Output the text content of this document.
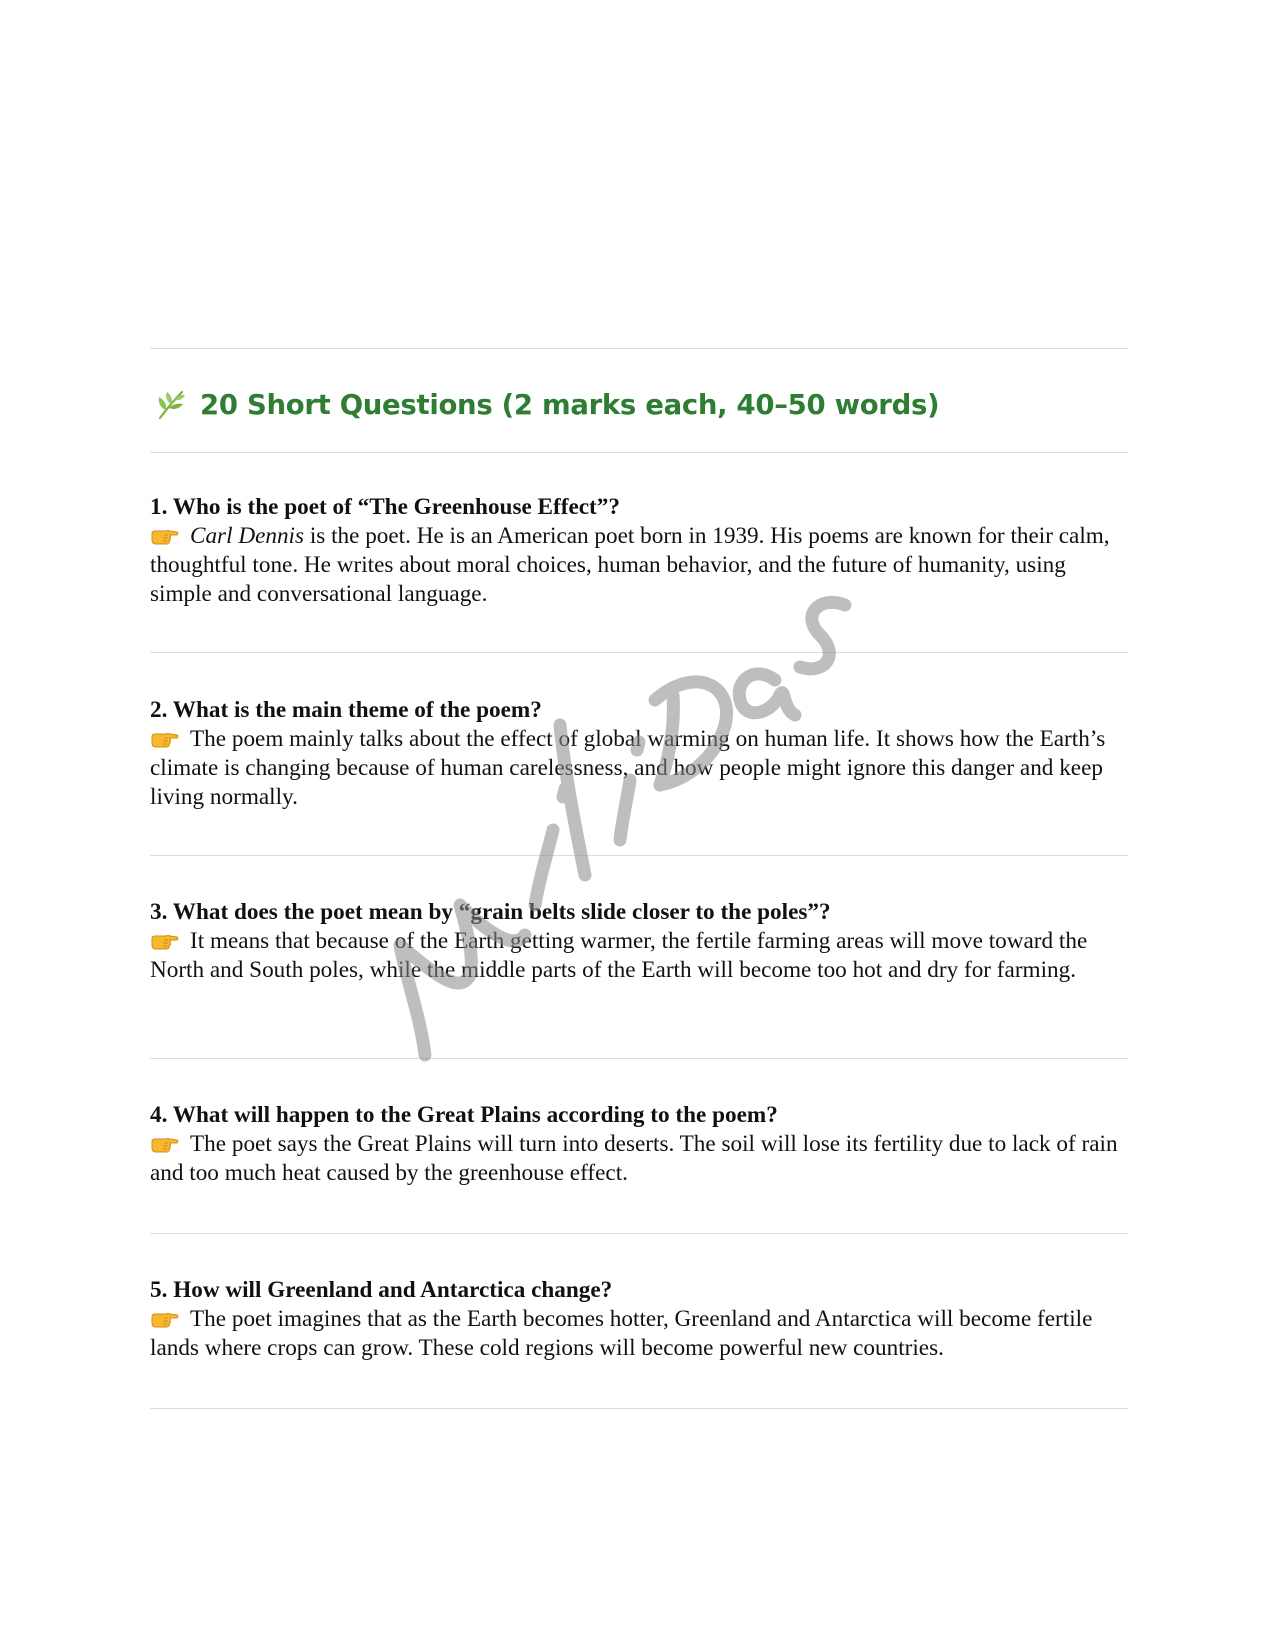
20 Short Questions (2 marks each, 40–50 words)
1. Who is the poet of “The Greenhouse Effect”?

Carl Dennis is the poet. He is an American poet born in 1939. His poems are known for their calm, thoughtful tone. He writes about moral choices, human behavior, and the future of humanity, using simple and conversational language.

2. What is the main theme of the poem?

The poem mainly talks about the effect of global warming on human life. It shows how the Earth’s climate is changing because of human carelessness, and how people might ignore this danger and keep living normally.

3. What does the poet mean by “grain belts slide closer to the poles”?

It means that because of the Earth getting warmer, the fertile farming areas will move toward the North and South poles, while the middle parts of the Earth will become too hot and dry for farming.

4. What will happen to the Great Plains according to the poem?

The poet says the Great Plains will turn into deserts. The soil will lose its fertility due to lack of rain and too much heat caused by the greenhouse effect.

5. How will Greenland and Antarctica change?

The poet imagines that as the Earth becomes hotter, Greenland and Antarctica will become fertile lands where crops can grow. These cold regions will become powerful new countries.
